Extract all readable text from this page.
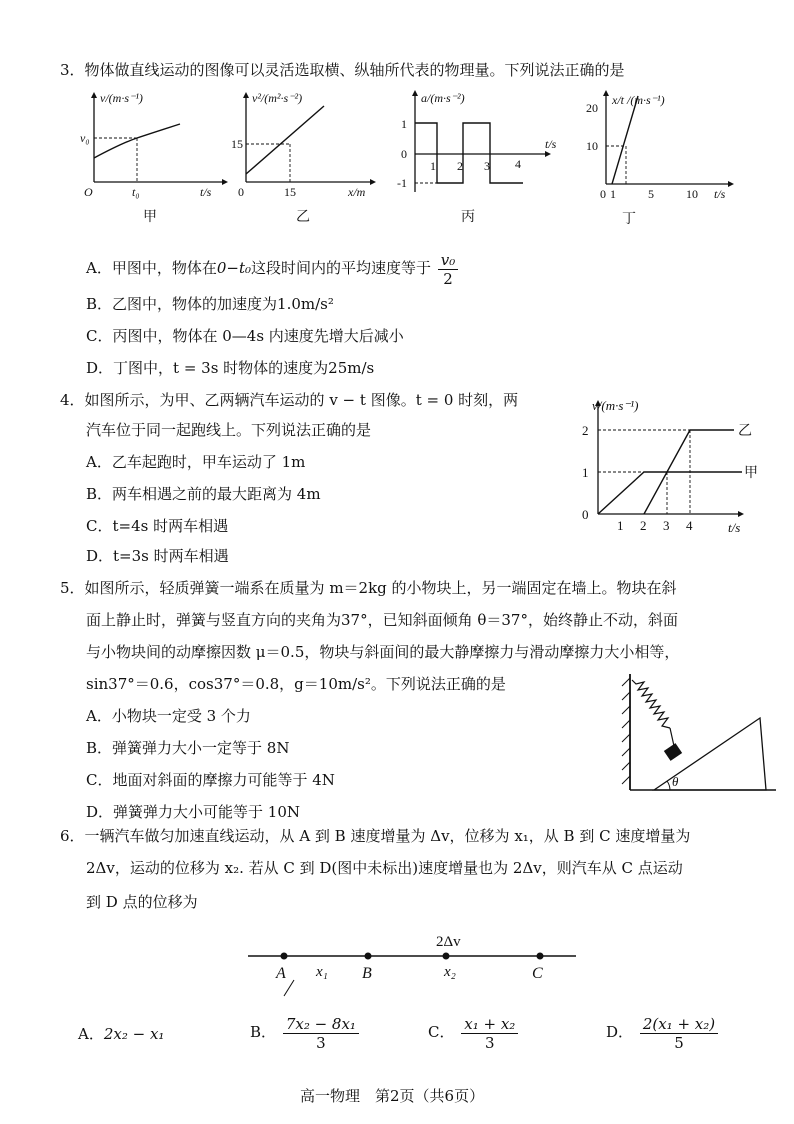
3．物体做直线运动的图像可以灵活选取横、纵轴所代表的物理量。下列说法正确的是
v/(m·s⁻¹)
v₀
O	t₀	t/s
甲
v²/(m²·s⁻²)
15
0	15	x/m
乙
a/(m·s⁻²)
1
0
-1
1 2 3 4
t/s
丙
x/t /(m·s⁻¹)
20
10
0 1	5	10 t/s
丁
A．甲图中，物体在0−t₀这段时间内的平均速度等于 $\frac{\text{v₀}}{2}$
B．乙图中，物体的加速度为1.0m/s²
C．丙图中，物体在 0—4s 内速度先增大后减小
D．丁图中，t = 3s 时物体的速度为25m/s
4．如图所示，为甲、乙两辆汽车运动的 v − t 图像。t = 0 时刻，两
汽车位于同一起跑线上。下列说法正确的是
A．乙车起跑时，甲车运动了 1m
B．两车相遇之前的最大距离为 4m
C．t=4s 时两车相遇
D．t=3s 时两车相遇
v/(m·s⁻¹)
2
1
0
1 2 3 4	t/s
乙
甲
5．如图所示，轻质弹簧一端系在质量为 m＝2kg 的小物块上，另一端固定在墙上。物块在斜
面上静止时，弹簧与竖直方向的夹角为37°，已知斜面倾角 θ＝37°，始终静止不动，斜面
与小物块间的动摩擦因数 μ＝0.5，物块与斜面间的最大静摩擦力与滑动摩擦力大小相等，
sin37°＝0.6，cos37°＝0.8，g＝10m/s²。下列说法正确的是
A．小物块一定受 3 个力
B．弹簧弹力大小一定等于 8N
C．地面对斜面的摩擦力可能等于 4N
D．弹簧弹力大小可能等于 10N
θ
6．一辆汽车做匀加速直线运动，从 A 到 B 速度增量为 Δv，位移为 x₁，从 B 到 C 速度增量为
2Δv，运动的位移为 x₂. 若从 C 到 D(图中未标出)速度增量也为 2Δv，则汽车从 C 点运动
到 D 点的位移为
A x₁ B
2Δv
x₂	C
A．2x₂ − x₁	B． $\frac{\text{7x₂ − 8x₁}}{3}$	C． $\frac{\text{x₁ + x₂}}{3}$	D． $\frac{\text{2(x₁ + x₂)}}{5}$
高一物理　第2页（共6页）
